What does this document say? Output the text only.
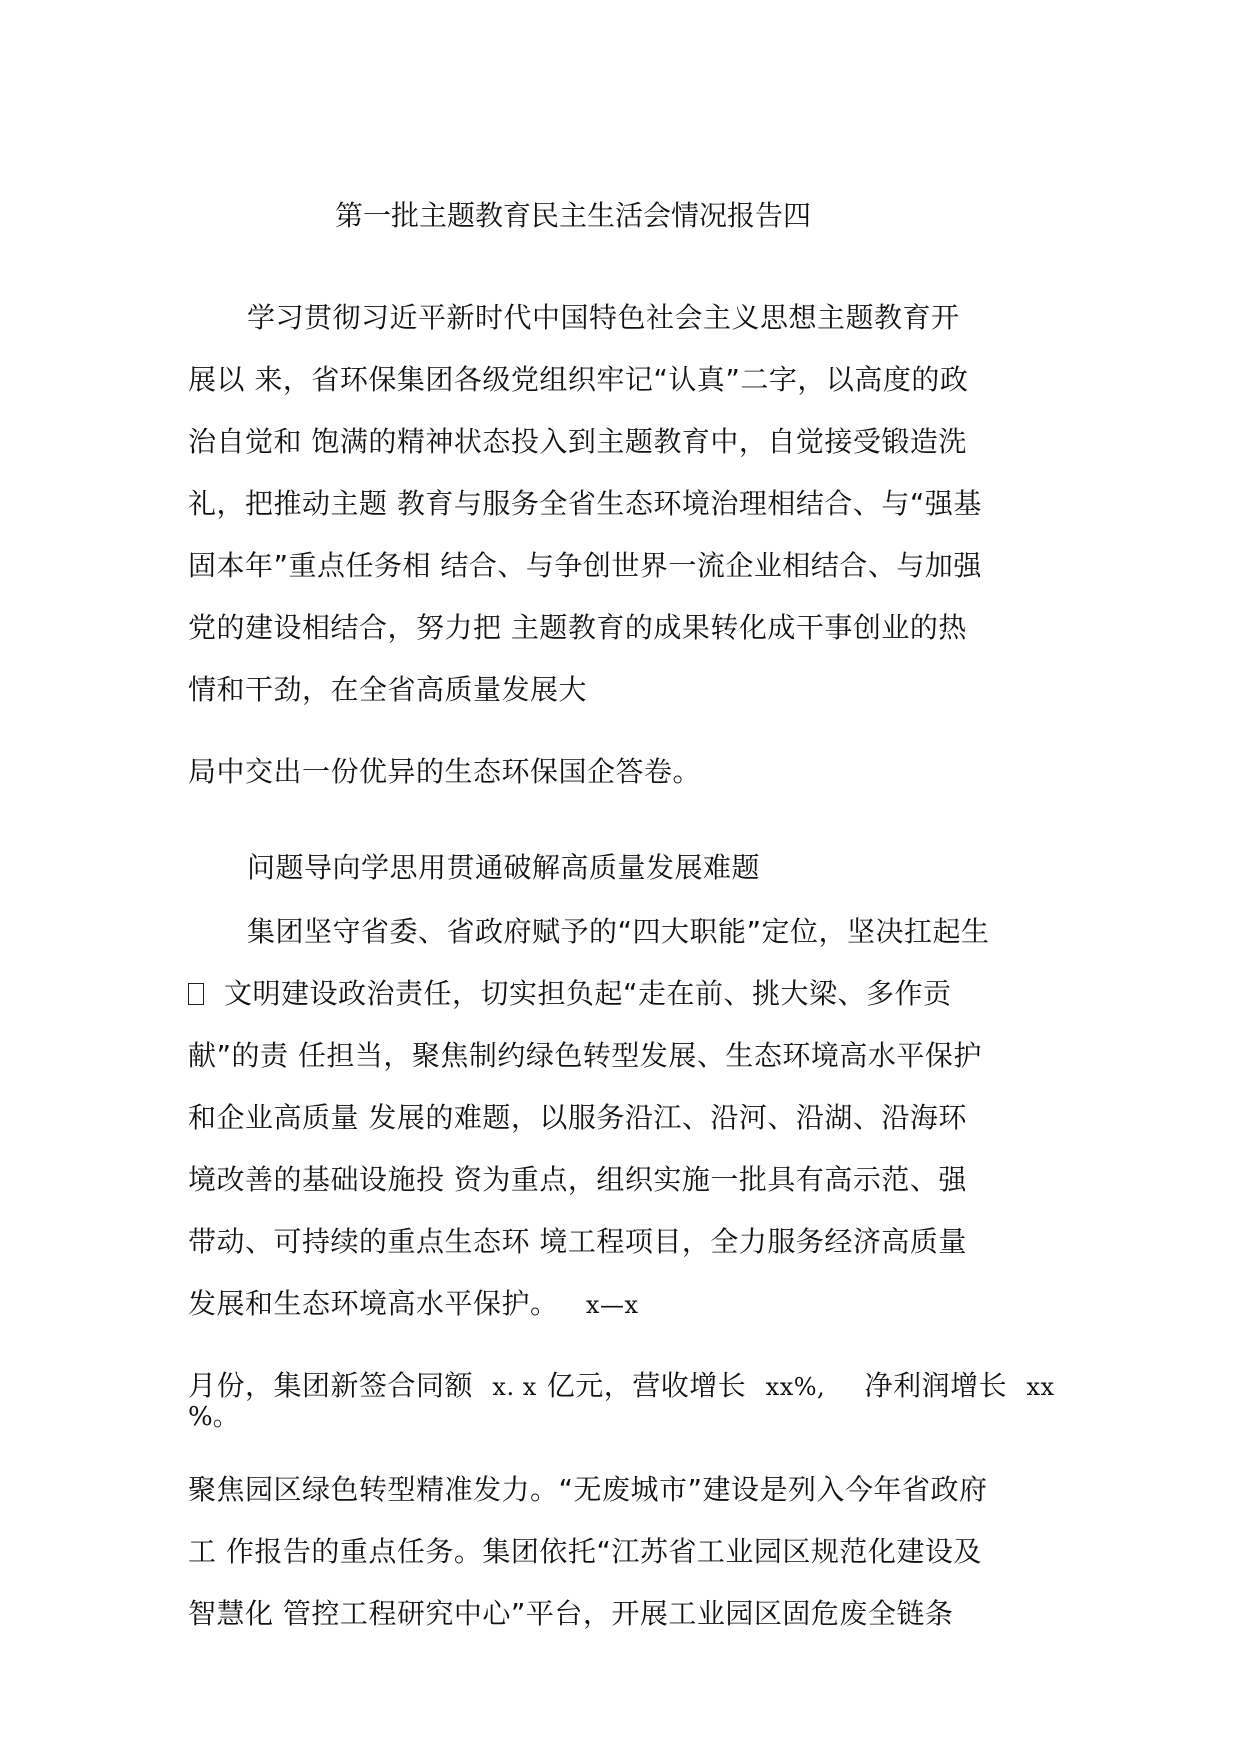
第一批主题教育民主生活会情况报告四
学习贯彻习近平新时代中国特色社会主义思想主题教育开
展以 来，省环保集团各级党组织牢记“认真”二字，以高度的政
治自觉和 饱满的精神状态投入到主题教育中，自觉接受锻造洗
礼，把推动主题 教育与服务全省生态环境治理相结合、与“强基
固本年”重点任务相 结合、与争创世界一流企业相结合、与加强
党的建设相结合，努力把 主题教育的成果转化成干事创业的热
情和干劲，在全省高质量发展大
局中交出一份优异的生态环保国企答卷。
问题导向学思用贯通破解高质量发展难题
集团坚守省委、省政府赋予的“四大职能”定位，坚决扛起生
文明建设政治责任，切实担负起“走在前、挑大梁、多作贡
献”的责 任担当，聚焦制约绿色转型发展、生态环境高水平保护
和企业高质量 发展的难题，以服务沿江、沿河、沿湖、沿海环
境改善的基础设施投 资为重点，组织实施一批具有高示范、强
带动、可持续的重点生态环 境工程项目，全力服务经济高质量
发展和生态环境高水平保护。 x—x
月份，集团新签合同额 x. x 亿元，营收增长 xx%, 净利润增长 xx
%。
聚焦园区绿色转型精准发力。“无废城市”建设是列入今年省政府
工 作报告的重点任务。集团依托“江苏省工业园区规范化建设及
智慧化 管控工程研究中心”平台，开展工业园区固危废全链条
